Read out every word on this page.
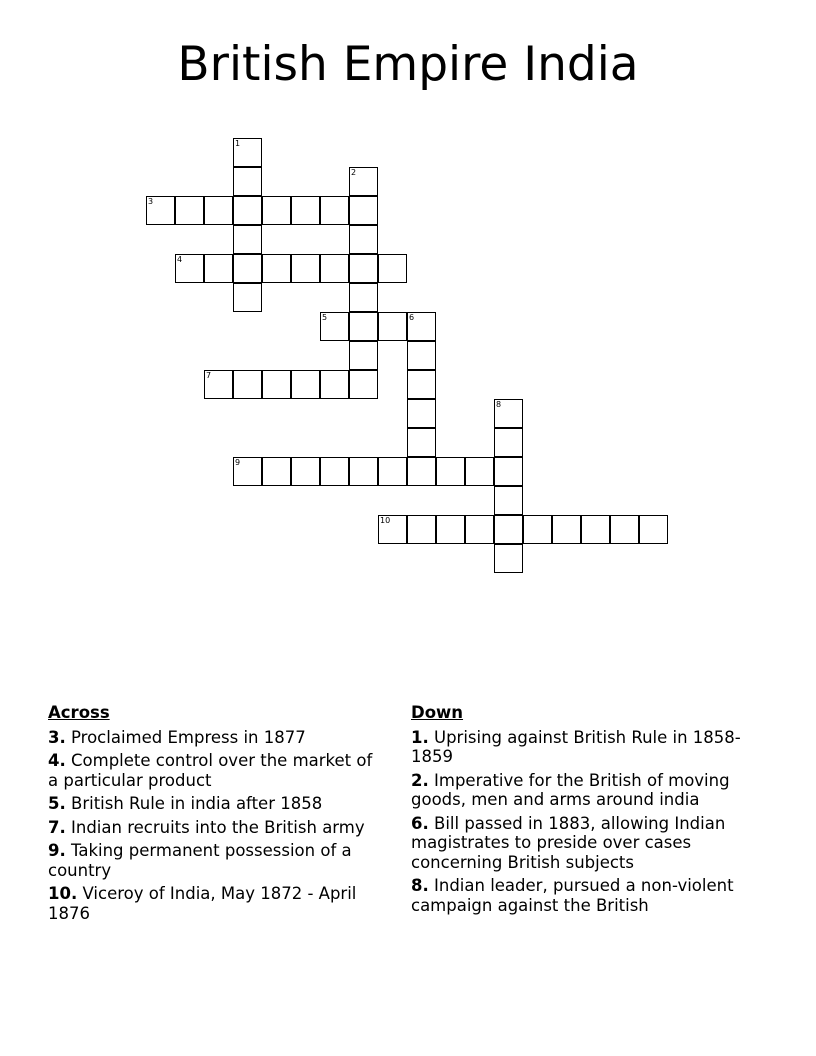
British Empire India
1
2
3
4
5	6
7
8
9
10
Across
3. Proclaimed Empress in 1877
4. Complete control over the market of a particular product
5. British Rule in india after 1858
7. Indian recruits into the British army
9. Taking permanent possession of a country
10. Viceroy of India, May 1872 - April 1876
Down
1. Uprising against British Rule in 1858-1859
2. Imperative for the British of moving goods, men and arms around india
6. Bill passed in 1883, allowing Indian magistrates to preside over cases concerning British subjects
8. Indian leader, pursued a non-violent campaign against the British
